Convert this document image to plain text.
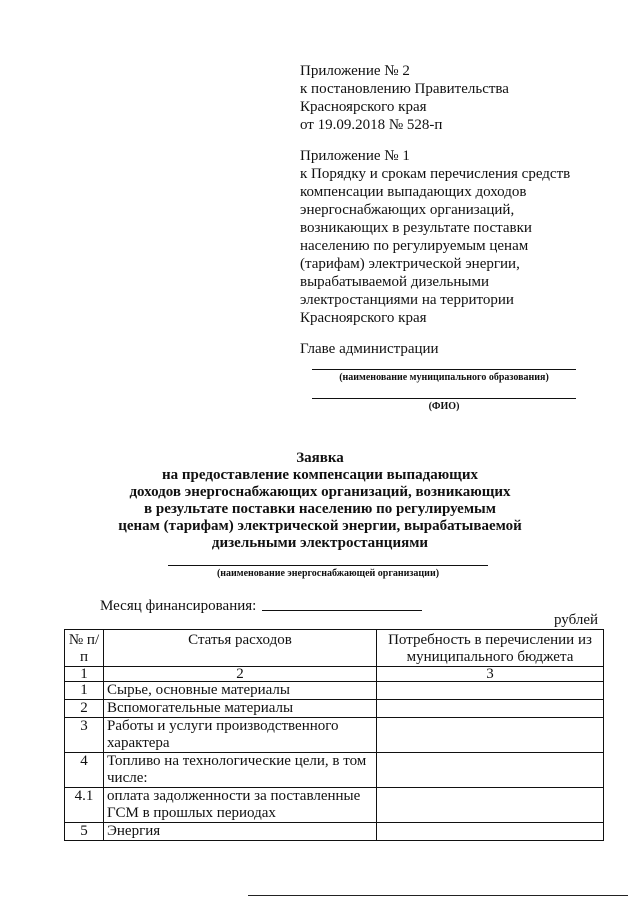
Приложение № 2
к постановлению Правительства
Красноярского края
от 19.09.2018 № 528-п
Приложение № 1
к Порядку и срокам перечисления средств
компенсации выпадающих доходов
энергоснабжающих организаций,
возникающих в результате поставки
населению по регулируемым ценам
(тарифам) электрической энергии,
вырабатываемой дизельными
электростанциями на территории
Красноярского края
Главе администрации
(наименование муниципального образования)
(ФИО)
Заявка
на предоставление компенсации выпадающих
доходов энергоснабжающих организаций, возникающих
в результате поставки населению по регулируемым
ценам (тарифам) электрической энергии, вырабатываемой
дизельными электростанциями
(наименование энергоснабжающей организации)
Месяц финансирования:
рублей
№ п/п	Статья расходов	Потребность в перечислении из муниципального бюджета
1	2	3
1	Сырье, основные материалы	
2	Вспомогательные материалы	
3	Работы и услуги производственного характера	
4	Топливо на технологические цели, в том числе:	
4.1	оплата задолженности за поставленные ГСМ в прошлых периодах	
5	Энергия	
